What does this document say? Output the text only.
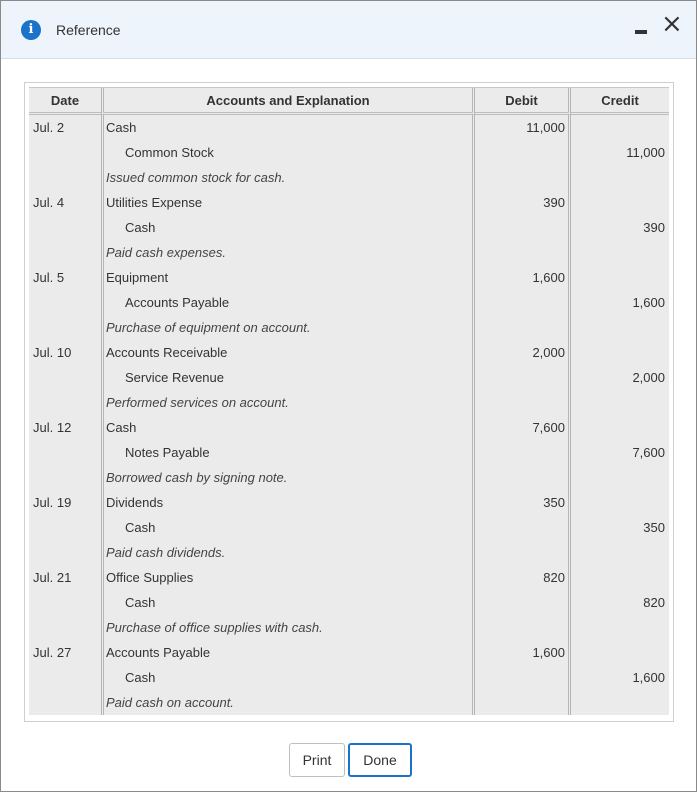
i	Reference	×
Date	Accounts and Explanation	Debit	Credit
Jul. 2	Cash	11,000	
	Common Stock		11,000
	Issued common stock for cash.		
Jul. 4	Utilities Expense	390	
	Cash		390
	Paid cash expenses.		
Jul. 5	Equipment	1,600	
	Accounts Payable		1,600
	Purchase of equipment on account.		
Jul. 10	Accounts Receivable	2,000	
	Service Revenue		2,000
	Performed services on account.		
Jul. 12	Cash	7,600	
	Notes Payable		7,600
	Borrowed cash by signing note.		
Jul. 19	Dividends	350	
	Cash		350
	Paid cash dividends.		
Jul. 21	Office Supplies	820	
	Cash		820
	Purchase of office supplies with cash.		
Jul. 27	Accounts Payable	1,600	
	Cash		1,600
	Paid cash on account.		
Print	Done
